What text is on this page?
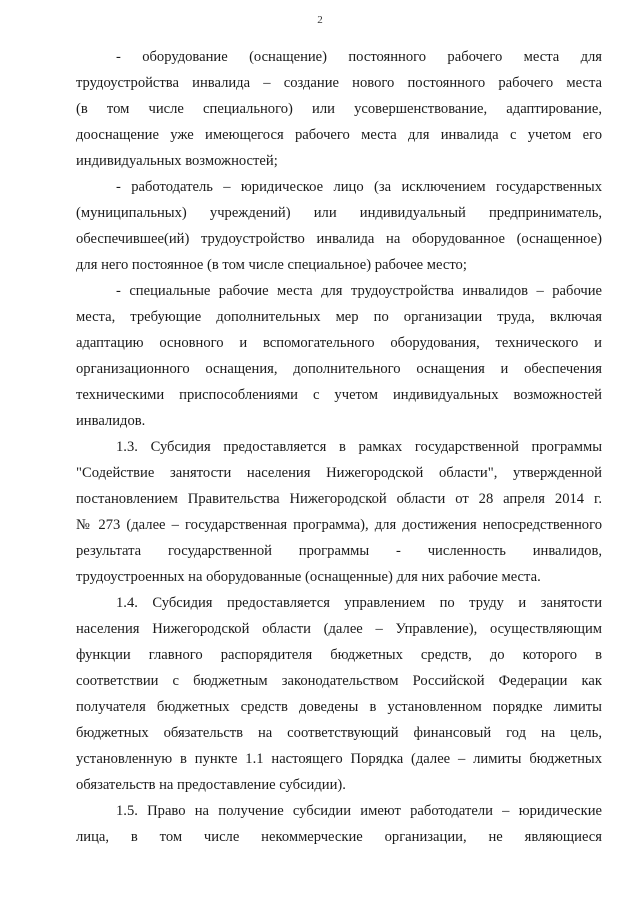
2
- оборудование (оснащение) постоянного рабочего места для
трудоустройства инвалида – создание нового постоянного рабочего места
(в том числе специального) или усовершенствование, адаптирование,
дооснащение уже имеющегося рабочего места для инвалида с учетом его
индивидуальных возможностей;
- работодатель – юридическое лицо (за исключением государственных
(муниципальных) учреждений) или индивидуальный предприниматель,
обеспечившее(ий) трудоустройство инвалида на оборудованное (оснащенное)
для него постоянное (в том числе специальное) рабочее место;
- специальные рабочие места для трудоустройства инвалидов – рабочие
места, требующие дополнительных мер по организации труда, включая
адаптацию основного и вспомогательного оборудования, технического и
организационного оснащения, дополнительного оснащения и обеспечения
техническими приспособлениями с учетом индивидуальных возможностей
инвалидов.
1.3. Субсидия предоставляется в рамках государственной программы
"Содействие занятости населения Нижегородской области", утвержденной
постановлением Правительства Нижегородской области от 28 апреля 2014 г.
№ 273 (далее – государственная программа), для достижения непосредственного
результата государственной программы - численность инвалидов,
трудоустроенных на оборудованные (оснащенные) для них рабочие места.
1.4. Субсидия предоставляется управлением по труду и занятости
населения Нижегородской области (далее – Управление), осуществляющим
функции главного распорядителя бюджетных средств, до которого в
соответствии с бюджетным законодательством Российской Федерации как
получателя бюджетных средств доведены в установленном порядке лимиты
бюджетных обязательств на соответствующий финансовый год на цель,
установленную в пункте 1.1 настоящего Порядка (далее – лимиты бюджетных
обязательств на предоставление субсидии).
1.5. Право на получение субсидии имеют работодатели – юридические
лица, в том числе некоммерческие организации, не являющиеся
